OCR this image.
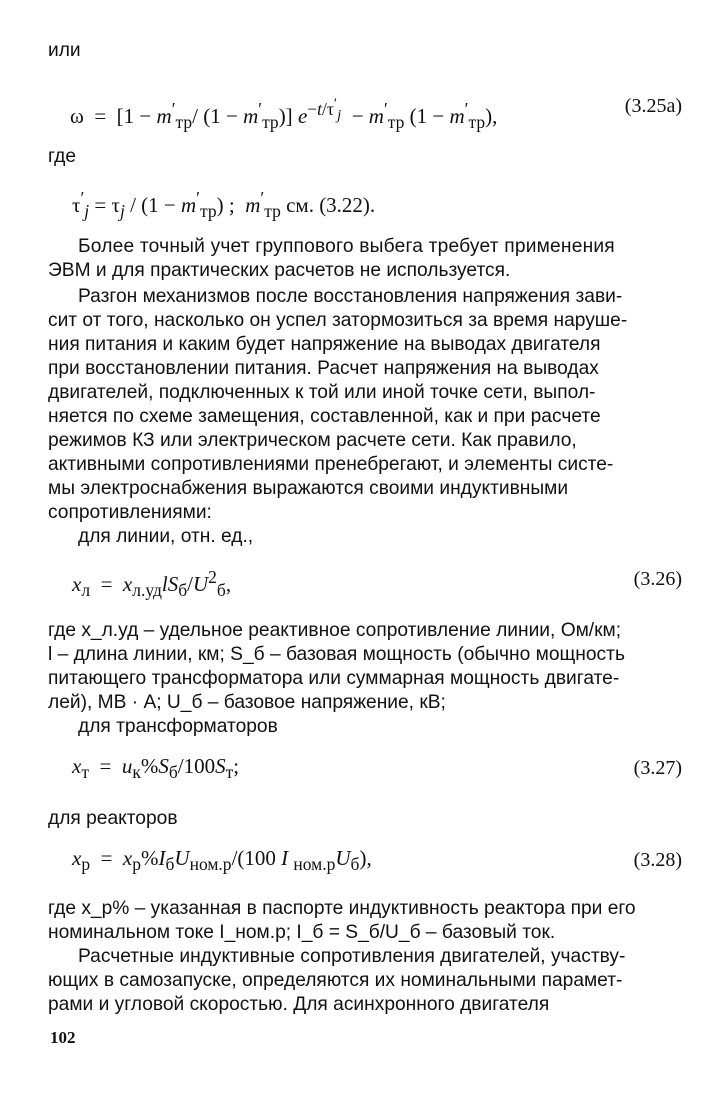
или
$\omega = [1 - m'_{тр}/$ $(1 - m'_{тр})$] $e^{-t/\tau'_j} - m'_{тр}$ $(1 - m'_{тр})$,	(3.25а)
где
$\tau'_j = \tau_j / (1 - m'_{тр})$ ;  $m'_{тр}$ см. (3.22).
Более точный учет группового выбега требует применения
ЭВМ и для практических расчетов не используется.
Разгон механизмов после восстановления напряжения зави-
сит от того, насколько он успел затормозиться за время наруше-
ния питания и каким будет напряжение на выводах двигателя
при восстановлении питания. Расчет напряжения на выводах
двигателей, подключенных к той или иной точке сети, выпол-
няется по схеме замещения, составленной, как и при расчете
режимов КЗ или электрическом расчете сети. Как правило,
активными сопротивлениями пренебрегают, и элементы систе-
мы электроснабжения выражаются своими индуктивными
сопротивлениями:
для линии, отн. ед.,
$x_л = x_{л.уд}lS_б/U^2_б$,	(3.26)
где x_л.уд – удельное реактивное сопротивление линии, Ом/км;
l – длина линии, км; S_б – базовая мощность (обычно мощность
питающего трансформатора или суммарная мощность двигате-
лей), МВ · А; U_б – базовое напряжение, кВ;
для трансформаторов
$x_т = u_к\%S_б/100S_т$;	(3.27)
для реакторов
$x_р = x_р\%I_бU_{ном.р}/(100$ I $_{ном.р}U_б$),	(3.28)
где x_р% – указанная в паспорте индуктивность реактора при его
номинальном токе I_ном.р; I_б = S_б/U_б – базовый ток.
Расчетные индуктивные сопротивления двигателей, участву-
ющих в самозапуске, определяются их номинальными парамет-
рами и угловой скоростью. Для асинхронного двигателя
102
